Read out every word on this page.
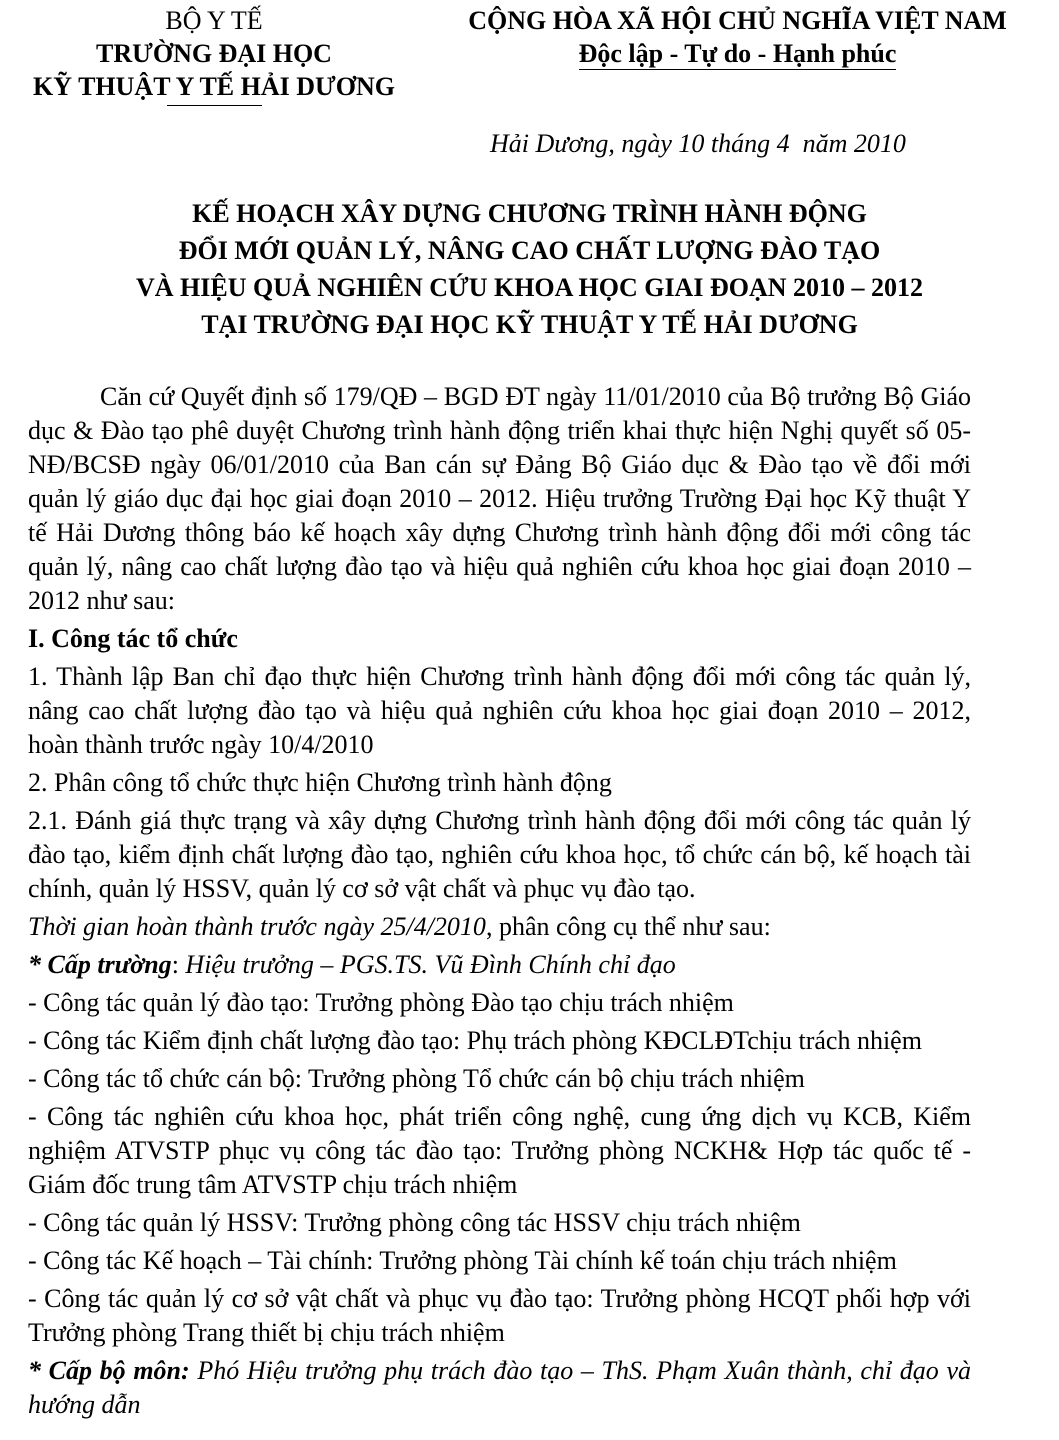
BỘ Y TẾ
TRƯỜNG ĐẠI HỌC
KỸ THUẬT Y TẾ HẢI DƯƠNG
CỘNG HÒA XÃ HỘI CHỦ NGHĨA VIỆT NAM
Độc lập - Tự do - Hạnh phúc
Hải Dương, ngày 10 tháng 4  năm 2010
KẾ HOẠCH XÂY DỰNG CHƯƠNG TRÌNH HÀNH ĐỘNG
ĐỔI MỚI QUẢN LÝ, NÂNG CAO CHẤT LƯỢNG ĐÀO TẠO
VÀ HIỆU QUẢ NGHIÊN CỨU KHOA HỌC GIAI ĐOẠN 2010 – 2012
TẠI TRƯỜNG ĐẠI HỌC KỸ THUẬT Y TẾ HẢI DƯƠNG

Căn cứ Quyết định số 179/QĐ – BGD ĐT ngày 11/01/2010 của Bộ trưởng Bộ Giáo dục & Đào tạo phê duyệt Chương trình hành động triển khai thực hiện Nghị quyết số 05- NĐ/BCSĐ ngày 06/01/2010 của Ban cán sự Đảng Bộ Giáo dục & Đào tạo về đổi mới quản lý giáo dục đại học giai đoạn 2010 – 2012. Hiệu trưởng Trường Đại học Kỹ thuật Y tế Hải Dương thông báo kế hoạch xây dựng Chương trình hành động đổi mới công tác quản lý, nâng cao chất lượng đào tạo và hiệu quả nghiên cứu khoa học giai đoạn 2010 – 2012 như sau:

I. Công tác tổ chức

1. Thành lập Ban chỉ đạo thực hiện Chương trình hành động đổi mới công tác quản lý, nâng cao chất lượng đào tạo và hiệu quả nghiên cứu khoa học giai đoạn 2010 – 2012, hoàn thành trước ngày 10/4/2010

2. Phân công tổ chức thực hiện Chương trình hành động

2.1. Đánh giá thực trạng và xây dựng Chương trình hành động đổi mới công tác quản lý đào tạo, kiểm định chất lượng đào tạo, nghiên cứu khoa học, tổ chức cán bộ, kế hoạch tài chính, quản lý HSSV, quản lý cơ sở vật chất và phục vụ đào tạo.

Thời gian hoàn thành trước ngày 25/4/2010, phân công cụ thể như sau:

* Cấp trường: Hiệu trưởng – PGS.TS. Vũ Đình Chính chỉ đạo

- Công tác quản lý đào tạo: Trưởng phòng Đào tạo chịu trách nhiệm

- Công tác Kiểm định chất lượng đào tạo: Phụ trách phòng KĐCLĐTchịu trách nhiệm

- Công tác tổ chức cán bộ: Trưởng phòng Tổ chức cán bộ chịu trách nhiệm

- Công tác nghiên cứu khoa học, phát triển công nghệ, cung ứng dịch vụ KCB, Kiểm nghiệm ATVSTP phục vụ công tác đào tạo: Trưởng phòng NCKH& Hợp tác quốc tế - Giám đốc trung tâm ATVSTP chịu trách nhiệm

- Công tác quản lý HSSV: Trưởng phòng công tác HSSV chịu trách nhiệm

- Công tác Kế hoạch – Tài chính: Trưởng phòng Tài chính kế toán chịu trách nhiệm

- Công tác quản lý cơ sở vật chất và phục vụ đào tạo: Trưởng phòng HCQT phối hợp với Trưởng phòng Trang thiết bị chịu trách nhiệm

* Cấp bộ môn: Phó Hiệu trưởng phụ trách đào tạo – ThS. Phạm Xuân thành, chỉ đạo và hướng dẫn
